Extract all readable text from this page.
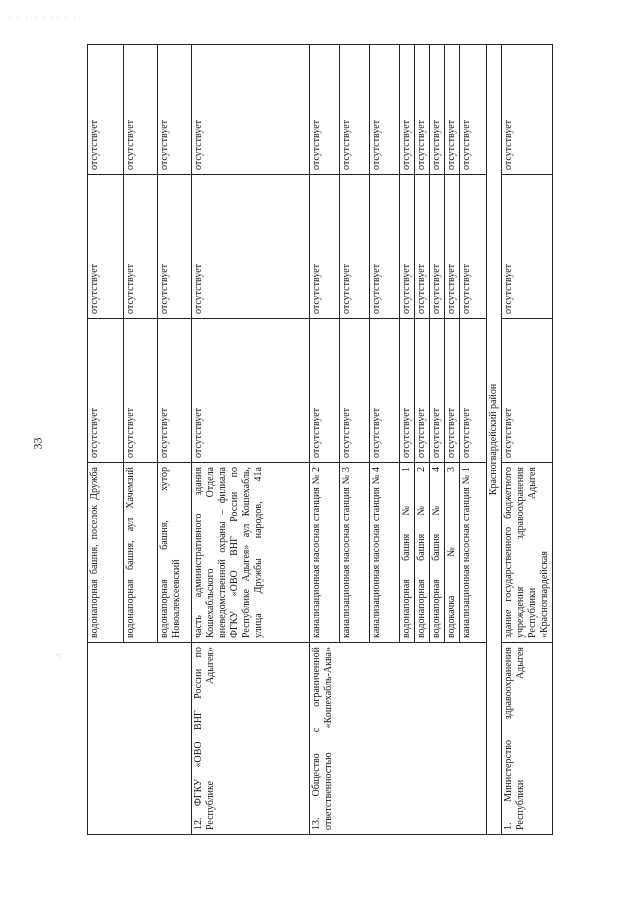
· · · · · ·· · ·
·:
33
	водонапорная башня, поселок Дружба	отсутствует	отсутствует	отсутствует
	водонапорная башня, аул Хачемзий	отсутствует	отсутствует	отсутствует
	водонапорная башня, хутор Новоалексеевский	отсутствует	отсутствует	отсутствует
12. ФГКУ «ОВО ВНГ России по Республике Адыгея»	часть административного здания Кошехабльского Отдела вневедомственной охраны – филиала ФГКУ «ОВО ВНГ России по Республике Адыгея» аул Кошехабль, улица Дружбы народов, 41а	отсутствует	отсутствует	отсутствует
13. Общество с ограниченной ответственностью «Кошехабль-Аква»	канализационная насосная станция № 2	отсутствует	отсутствует	отсутствует
	канализационная насосная станция № 3	отсутствует	отсутствует	отсутствует
	канализационная насосная станция № 4	отсутствует	отсутствует	отсутствует
	водонапорная башня № 1	отсутствует	отсутствует	отсутствует
	водонапорная башня № 2	отсутствует	отсутствует	отсутствует
	водонапорная башня № 4	отсутствует	отсутствует	отсутствует
	водокачка № 3	отсутствует	отсутствует	отсутствует
	канализационная насосная станция № 1	отсутствует	отсутствует	отсутствует
Красногвардейский район				
1. Министерство здравоохранения Республики Адыгея	здание государственного бюджетного учреждения здравоохранения Республики Адыгея «Красногвардейская	отсутствует	отсутствует	отсутствует
